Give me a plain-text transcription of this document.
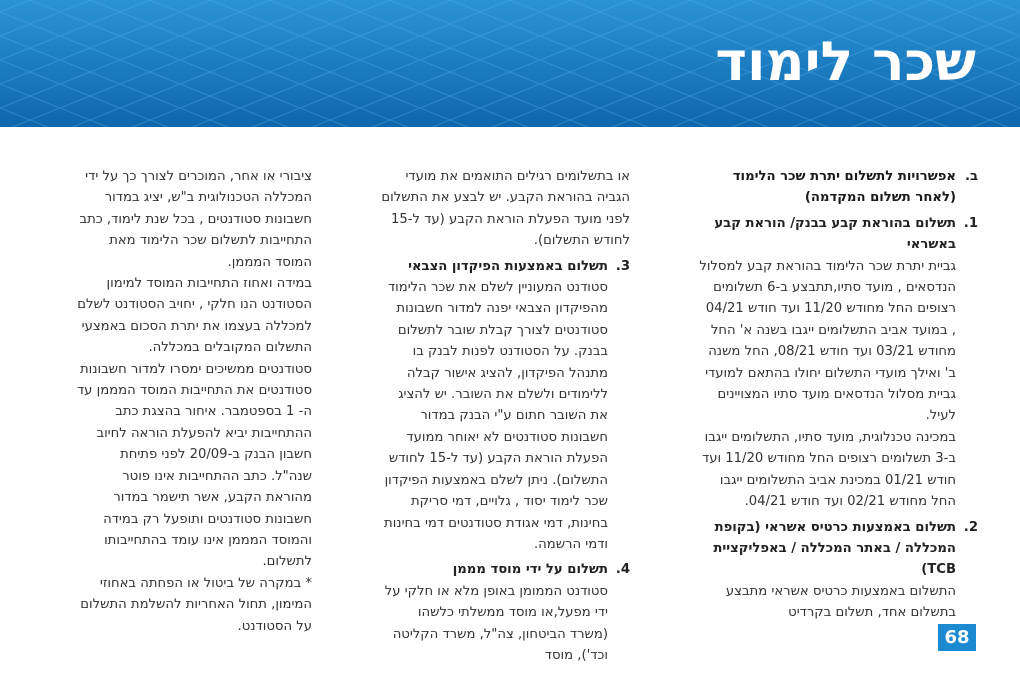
שכר לימוד
ב.

אפשרויות לתשלום יתרת שכר הלימוד (לאחר תשלום המקדמה)

1.

תשלום בהוראת קבע בבנק/ הוראת קבע באשראי

גביית יתרת שכר הלימוד בהוראת קבע למסלול הנדסאים , מועד סתיו,תתבצע ב-6 תשלומים רצופים החל מחודש 11/20 ועד חודש 04/21 , במועד אביב התשלומים ייגבו בשנה א' החל מחודש 03/21 ועד חודש 08/21, החל משנה ב' ואילך מועדי התשלום יחולו בהתאם למועדי גביית מסלול הנדסאים מועד סתיו המצויינים לעיל.

במכינה טכנלוגית, מועד סתיו, התשלומים ייגבו ב-3 תשלומים רצופים החל מחודש 11/20 ועד חודש 01/21 במכינת אביב התשלומים ייגבו החל מחודש 02/21 ועד חודש 04/21.

2.

תשלום באמצעות כרטיס אשראי (בקופת המכללה / באתר המכללה / באפליקציית TCB)

התשלום באמצעות כרטיס אשראי מתבצע בתשלום אחד, תשלום בקרדיט

או בתשלומים רגילים התואמים את מועדי הגביה בהוראת הקבע. יש לבצע את התשלום לפני מועד הפעלת הוראת הקבע (עד ל-15 לחודש התשלום).

3.

תשלום באמצעות הפיקדון הצבאי

סטודנט המעוניין לשלם את שכר הלימוד מהפיקדון הצבאי יפנה למדור חשבונות סטודנטים לצורך קבלת שובר לתשלום בבנק. על הסטודנט לפנות לבנק בו מתנהל הפיקדון, להציג אישור קבלה ללימודים ולשלם את השובר. יש להציג את השובר חתום ע"י הבנק במדור חשבונות סטודנטים לא יאוחר ממועד הפעלת הוראת הקבע (עד ל-15 לחודש התשלום). ניתן לשלם באמצעות הפיקדון שכר לימוד יסוד , גלויים, דמי סריקת בחינות, דמי אגודת סטודנטים דמי בחינות ודמי הרשמה.

4.

תשלום על ידי מוסד מממן

סטודנט הממומן באופן מלא או חלקי על ידי מפעל,או מוסד ממשלתי כלשהו (משרד הביטחון, צה"ל, משרד הקליטה וכד'), מוסד

ציבורי או אחר, המוכרים לצורך כך על ידי המכללה הטכנולוגית ב"ש, יציג במדור חשבונות סטודנטים , בכל שנת לימוד, כתב התחייבות לתשלום שכר הלימוד מאת המוסד המממן.

במידה ואחוז התחייבות המוסד למימון הסטודנט הנו חלקי , יחויב הסטודנט לשלם למכללה בעצמו את יתרת הסכום באמצעי התשלום המקובלים במכללה.

סטודנטים ממשיכים ימסרו למדור חשבונות סטודנטים את התחייבות המוסד המממן עד ה- 1 בספטמבר. איחור בהצגת כתב ההתחייבות יביא להפעלת הוראה לחיוב חשבון הבנק ב-20/09 לפני פתיחת שנה"ל. כתב ההתחייבות אינו פוטר מהוראת הקבע, אשר תישמר במדור חשבונות סטודנטים ותופעל רק במידה והמוסד המממן אינו עומד בהתחייבותו לתשלום.

* במקרה של ביטול או הפחתה באחוזי המימון, תחול האחריות להשלמת התשלום על הסטודנט.

68
